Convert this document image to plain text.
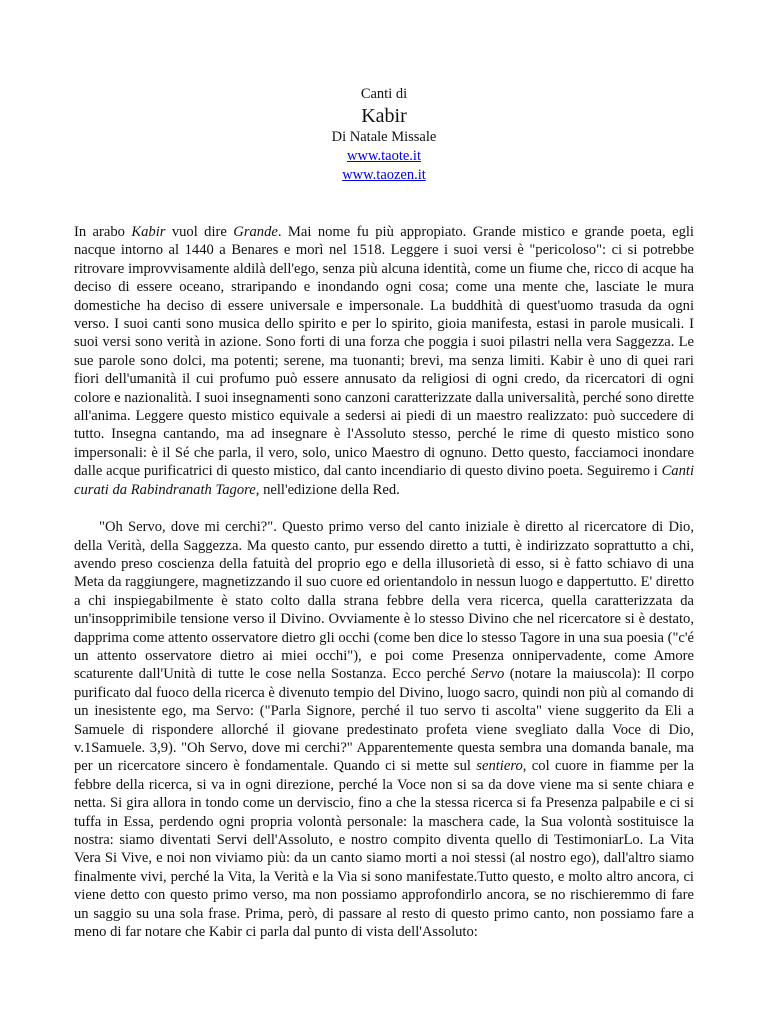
Canti di
Kabir
Di Natale Missale
www.taote.it
www.taozen.it

In arabo Kabir vuol dire Grande. Mai nome fu più appropiato. Grande mistico e grande poeta, egli nacque intorno al 1440 a Benares e morì nel 1518. Leggere i suoi versi è "pericoloso": ci si potrebbe ritrovare improvvisamente aldilà dell'ego, senza più alcuna identità, come un fiume che, ricco di acque ha deciso di essere oceano, straripando e inondando ogni cosa; come una mente che, lasciate le mura domestiche ha deciso di essere universale e impersonale. La buddhità di quest'uomo trasuda da ogni verso. I suoi canti sono musica dello spirito e per lo spirito, gioia manifesta, estasi in parole musicali. I suoi versi sono verità in azione. Sono forti di una forza che poggia i suoi pilastri nella vera Saggezza. Le sue parole sono dolci, ma potenti; serene, ma tuonanti; brevi, ma senza limiti. Kabir è uno di quei rari fiori dell'umanità il cui profumo può essere annusato da religiosi di ogni credo, da ricercatori di ogni colore e nazionalità. I suoi insegnamenti sono canzoni caratterizzate dalla universalità, perché sono dirette all'anima. Leggere questo mistico equivale a sedersi ai piedi di un maestro realizzato: può succedere di tutto. Insegna cantando, ma ad insegnare è l'Assoluto stesso, perché le rime di questo mistico sono impersonali: è il Sé che parla, il vero, solo, unico Maestro di ognuno. Detto questo, facciamoci inondare dalle acque purificatrici di questo mistico, dal canto incendiario di questo divino poeta. Seguiremo i Canti curati da Rabindranath Tagore, nell'edizione della Red.

"Oh Servo, dove mi cerchi?". Questo primo verso del canto iniziale è diretto al ricercatore di Dio, della Verità, della Saggezza. Ma questo canto, pur essendo diretto a tutti, è indirizzato soprattutto a chi, avendo preso coscienza della fatuità del proprio ego e della illusorietà di esso, si è fatto schiavo di una Meta da raggiungere, magnetizzando il suo cuore ed orientandolo in nessun luogo e dappertutto. E' diretto a chi inspiegabilmente è stato colto dalla strana febbre della vera ricerca, quella caratterizzata da un'insopprimibile tensione verso il Divino. Ovviamente è lo stesso Divino che nel ricercatore si è destato, dapprima come attento osservatore dietro gli occhi (come ben dice lo stesso Tagore in una sua poesia ("c'é un attento osservatore dietro ai miei occhi"), e poi come Presenza onnipervadente, come Amore scaturente dall'Unità di tutte le cose nella Sostanza. Ecco perché Servo (notare la maiuscola): Il corpo purificato dal fuoco della ricerca è divenuto tempio del Divino, luogo sacro, quindi non più al comando di un inesistente ego, ma Servo: ("Parla Signore, perché il tuo servo ti ascolta" viene suggerito da Eli a Samuele di rispondere allorché il giovane predestinato profeta viene svegliato dalla Voce di Dio, v.1Samuele. 3,9). "Oh Servo, dove mi cerchi?" Apparentemente questa sembra una domanda banale, ma per un ricercatore sincero è fondamentale. Quando ci si mette sul sentiero, col cuore in fiamme per la febbre della ricerca, si va in ogni direzione, perché la Voce non si sa da dove viene ma si sente chiara e netta. Si gira allora in tondo come un derviscio, fino a che la stessa ricerca si fa Presenza palpabile e ci si tuffa in Essa, perdendo ogni propria volontà personale: la maschera cade, la Sua volontà sostituisce la nostra: siamo diventati Servi dell'Assoluto, e nostro compito diventa quello di TestimoniarLo. La Vita Vera Si Vive, e noi non viviamo più: da un canto siamo morti a noi stessi (al nostro ego), dall'altro siamo finalmente vivi, perché la Vita, la Verità e la Via si sono manifestate.Tutto questo, e molto altro ancora, ci viene detto con questo primo verso, ma non possiamo approfondirlo ancora, se no rischieremmo di fare un saggio su una sola frase. Prima, però, di passare al resto di questo primo canto, non possiamo fare a meno di far notare che Kabir ci parla dal punto di vista dell'Assoluto:
